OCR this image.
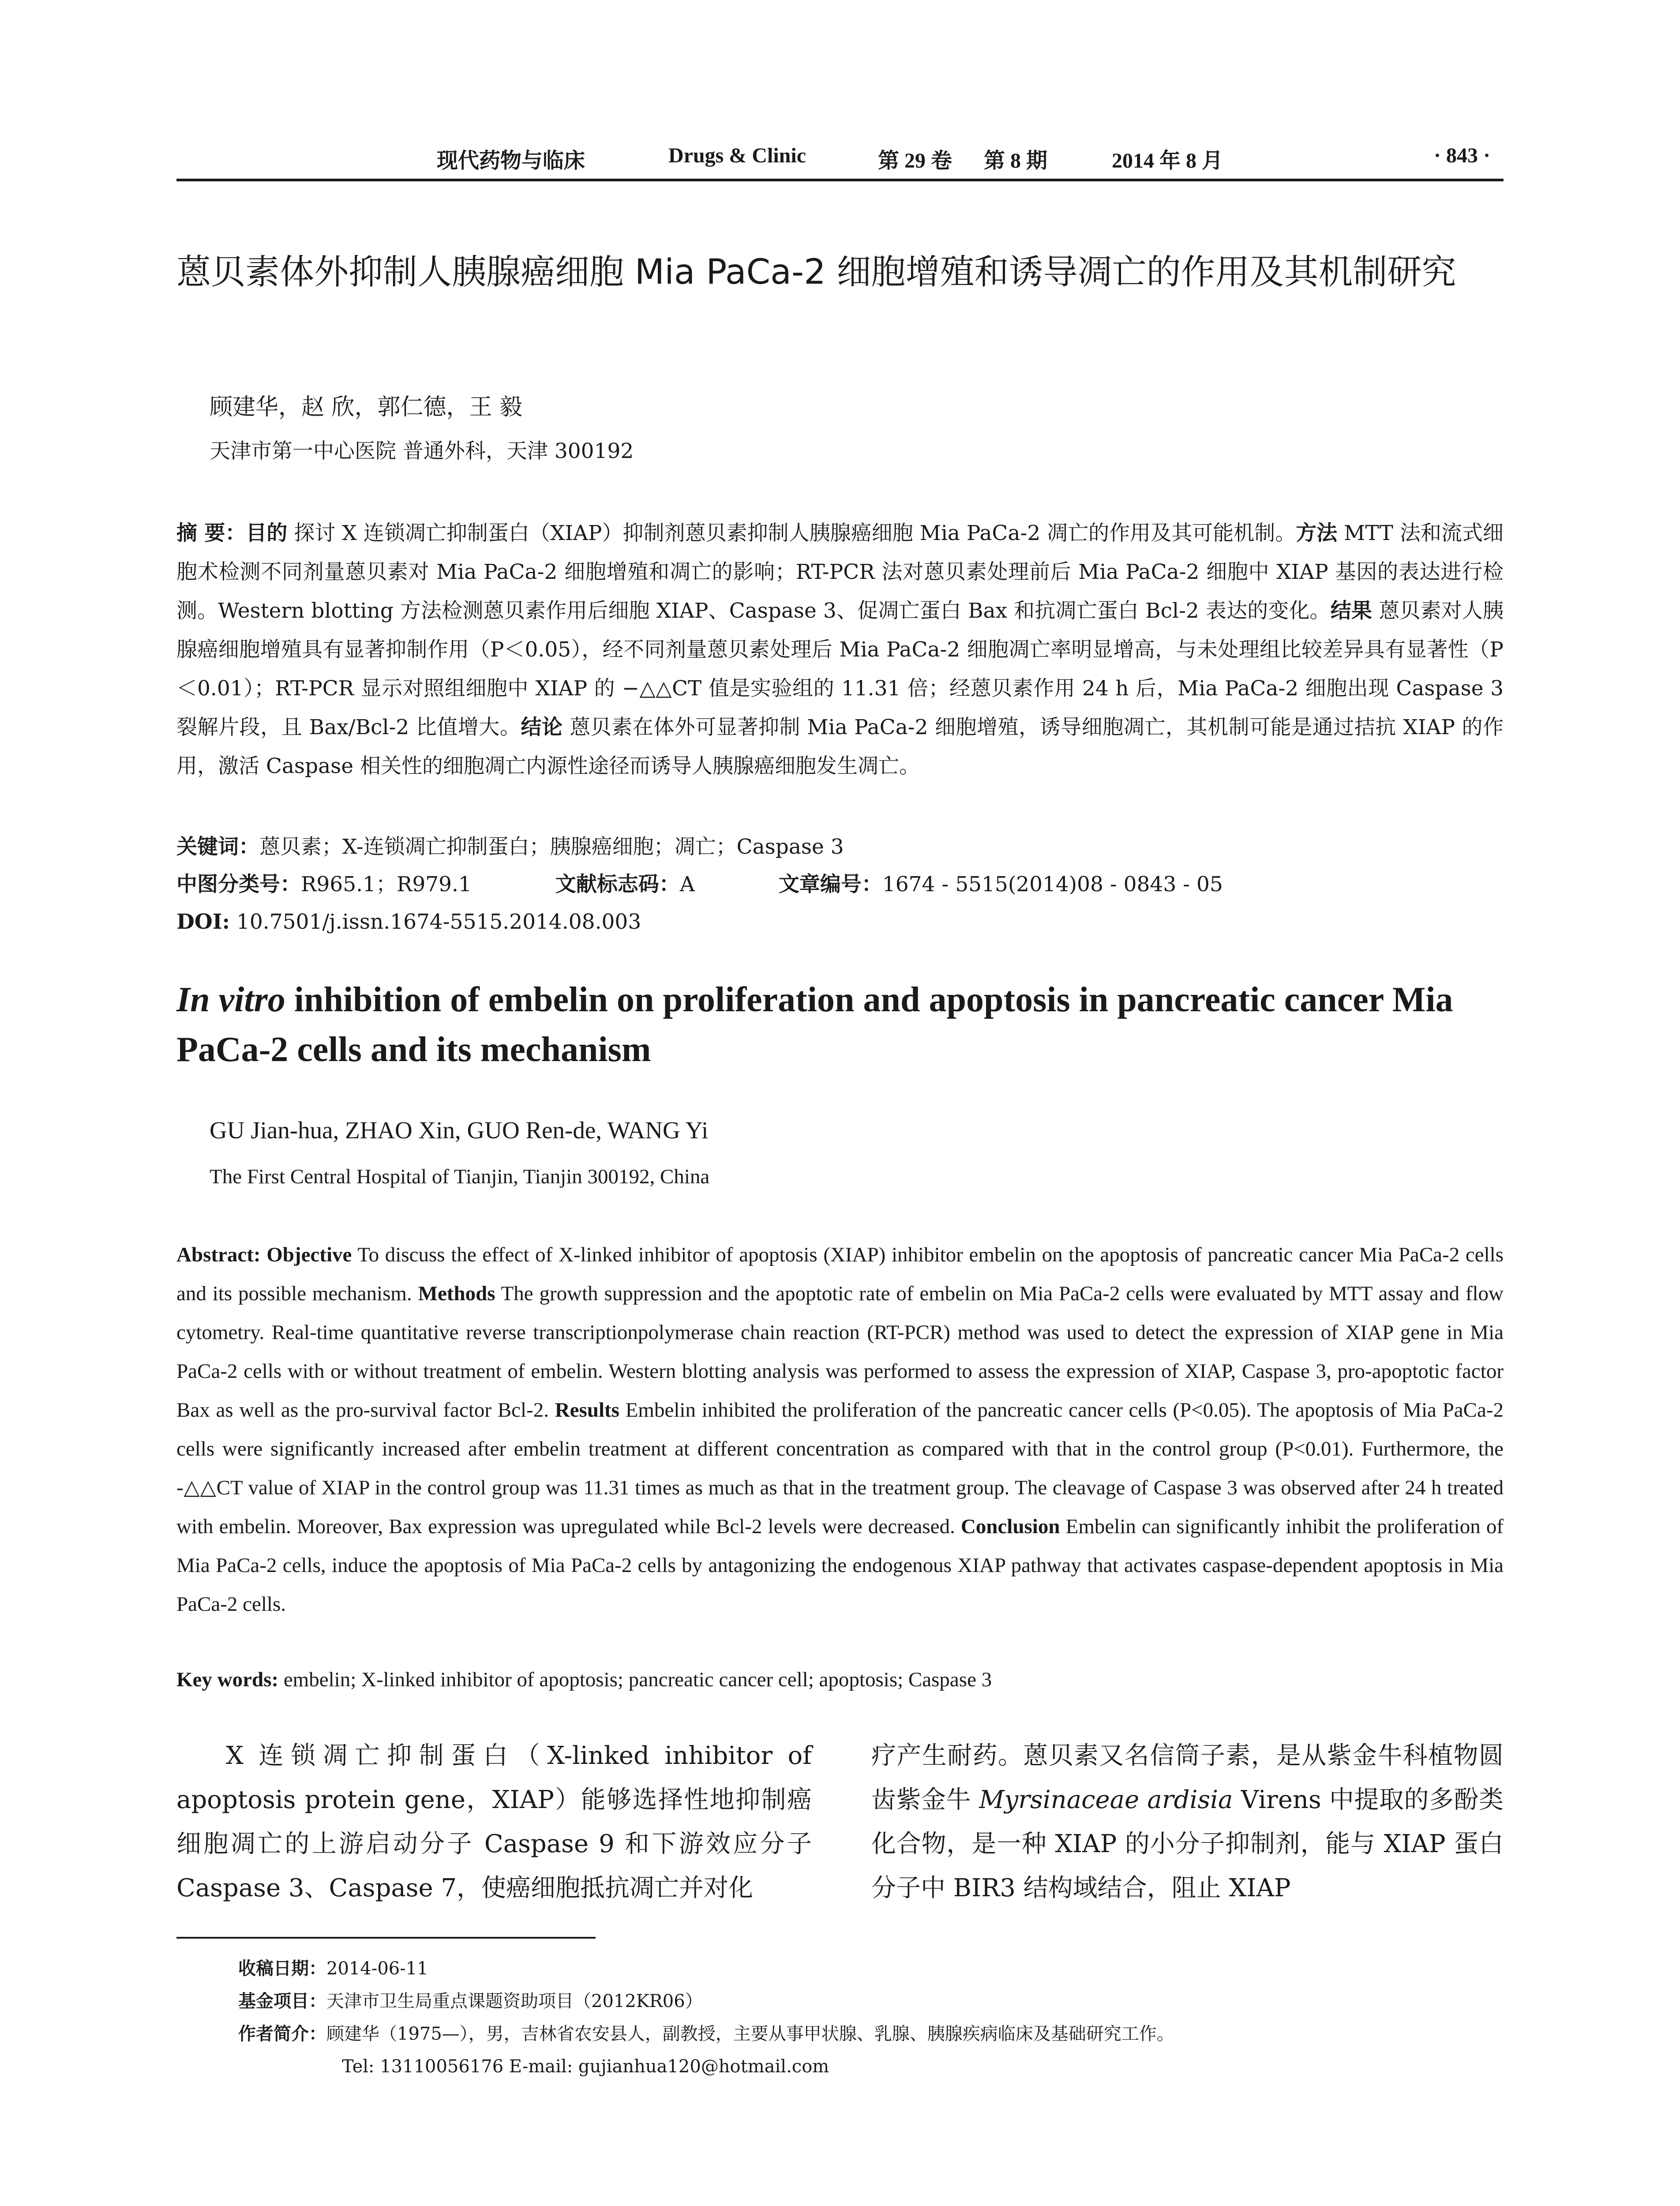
现代药物与临床	Drugs & Clinic	第 29 卷 第 8 期	2014 年 8 月	· 843 ·
蒽贝素体外抑制人胰腺癌细胞 Mia PaCa-2 细胞增殖和诱导凋亡的作用及其机制研究
顾建华，赵 欣，郭仁德，王 毅
天津市第一中心医院 普通外科，天津 300192
摘 要：目的 探讨 X 连锁凋亡抑制蛋白（XIAP）抑制剂蒽贝素抑制人胰腺癌细胞 Mia PaCa-2 凋亡的作用及其可能机制。方法 MTT 法和流式细胞术检测不同剂量蒽贝素对 Mia PaCa-2 细胞增殖和凋亡的影响；RT-PCR 法对蒽贝素处理前后 Mia PaCa-2 细胞中 XIAP 基因的表达进行检测。Western blotting 方法检测蒽贝素作用后细胞 XIAP、Caspase 3、促凋亡蛋白 Bax 和抗凋亡蛋白 Bcl-2 表达的变化。结果 蒽贝素对人胰腺癌细胞增殖具有显著抑制作用（P＜0.05），经不同剂量蒽贝素处理后 Mia PaCa-2 细胞凋亡率明显增高，与未处理组比较差异具有显著性（P＜0.01）；RT-PCR 显示对照组细胞中 XIAP 的 −△△CT 值是实验组的 11.31 倍；经蒽贝素作用 24 h 后，Mia PaCa-2 细胞出现 Caspase 3 裂解片段，且 Bax/Bcl-2 比值增大。结论 蒽贝素在体外可显著抑制 Mia PaCa-2 细胞增殖，诱导细胞凋亡，其机制可能是通过拮抗 XIAP 的作用，激活 Caspase 相关性的细胞凋亡内源性途径而诱导人胰腺癌细胞发生凋亡。
关键词：蒽贝素；X-连锁凋亡抑制蛋白；胰腺癌细胞；凋亡；Caspase 3
中图分类号：R965.1；R979.1	文献标志码：A	文章编号：1674 - 5515(2014)08 - 0843 - 05
DOI: 10.7501/j.issn.1674-5515.2014.08.003
In vitro inhibition of embelin on proliferation and apoptosis in pancreatic cancer Mia PaCa-2 cells and its mechanism
GU Jian-hua, ZHAO Xin, GUO Ren-de, WANG Yi
The First Central Hospital of Tianjin, Tianjin 300192, China
Abstract: Objective To discuss the effect of X-linked inhibitor of apoptosis (XIAP) inhibitor embelin on the apoptosis of pancreatic cancer Mia PaCa-2 cells and its possible mechanism. Methods The growth suppression and the apoptotic rate of embelin on Mia PaCa-2 cells were evaluated by MTT assay and flow cytometry. Real-time quantitative reverse transcriptionpolymerase chain reaction (RT-PCR) method was used to detect the expression of XIAP gene in Mia PaCa-2 cells with or without treatment of embelin. Western blotting analysis was performed to assess the expression of XIAP, Caspase 3, pro-apoptotic factor Bax as well as the pro-survival factor Bcl-2. Results Embelin inhibited the proliferation of the pancreatic cancer cells (P<0.05). The apoptosis of Mia PaCa-2 cells were significantly increased after embelin treatment at different concentration as compared with that in the control group (P<0.01). Furthermore, the -△△CT value of XIAP in the control group was 11.31 times as much as that in the treatment group. The cleavage of Caspase 3 was observed after 24 h treated with embelin. Moreover, Bax expression was upregulated while Bcl-2 levels were decreased. Conclusion Embelin can significantly inhibit the proliferation of Mia PaCa-2 cells, induce the apoptosis of Mia PaCa-2 cells by antagonizing the endogenous XIAP pathway that activates caspase-dependent apoptosis in Mia PaCa-2 cells.
Key words: embelin; X-linked inhibitor of apoptosis; pancreatic cancer cell; apoptosis; Caspase 3
X 连锁凋亡抑制蛋白（X-linked inhibitor of apoptosis protein gene，XIAP）能够选择性地抑制癌细胞凋亡的上游启动分子 Caspase 9 和下游效应分子 Caspase 3、Caspase 7，使癌细胞抵抗凋亡并对化
疗产生耐药。蒽贝素又名信筒子素，是从紫金牛科植物圆齿紫金牛 Myrsinaceae ardisia Virens 中提取的多酚类化合物，是一种 XIAP 的小分子抑制剂，能与 XIAP 蛋白分子中 BIR3 结构域结合，阻止 XIAP
收稿日期：2014-06-11
基金项目：天津市卫生局重点课题资助项目（2012KR06）
作者简介：顾建华（1975—），男，吉林省农安县人，副教授，主要从事甲状腺、乳腺、胰腺疾病临床及基础研究工作。
Tel: 13110056176 E-mail: gujianhua120@hotmail.com
